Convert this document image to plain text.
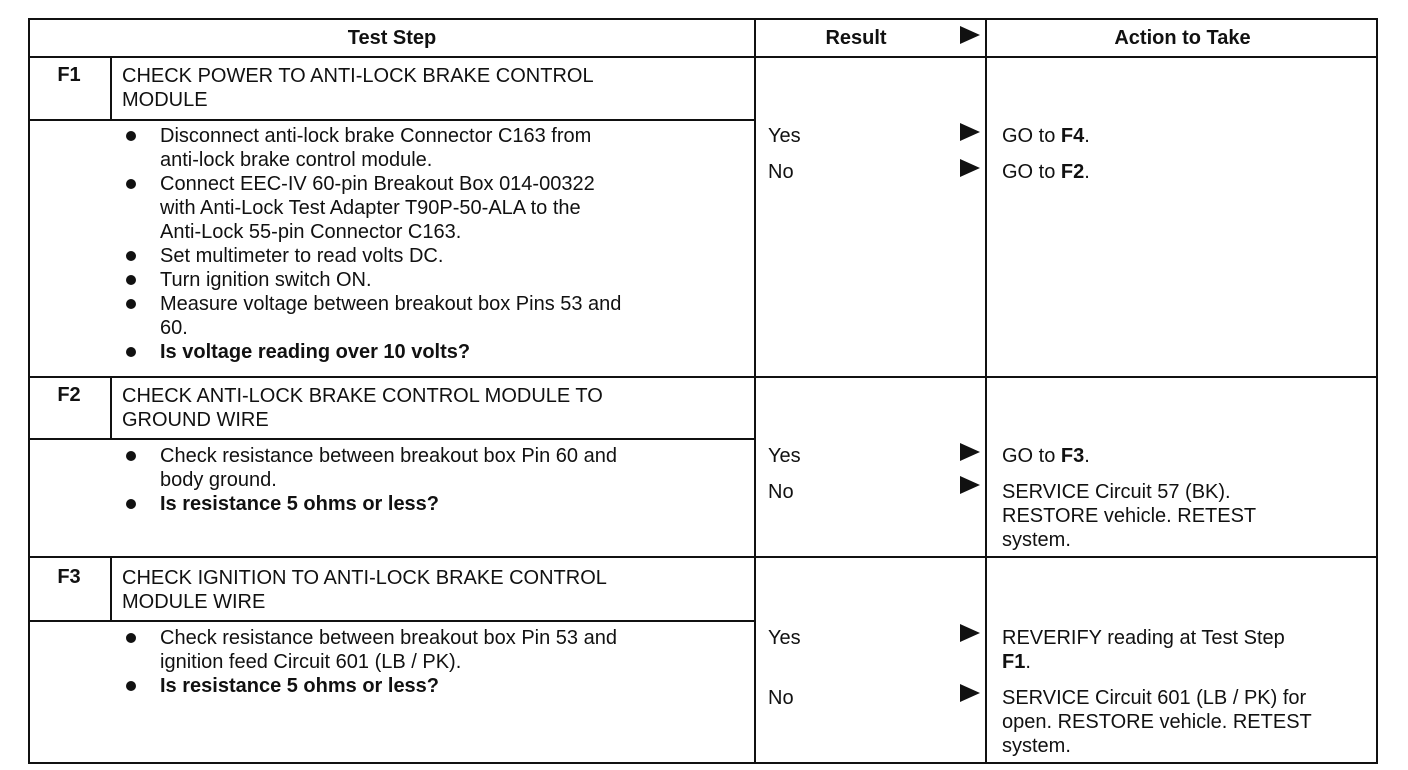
Test Step	Result	Action to Take
F1	CHECK POWER TO ANTI-LOCK BRAKE CONTROL
MODULE
Disconnect anti-lock brake Connector C163 from
anti-lock brake control module.
Connect EEC-IV 60-pin Breakout Box 014-00322
with Anti-Lock Test Adapter T90P-50-ALA to the
Anti-Lock 55-pin Connector C163.
Set multimeter to read volts DC.
Turn ignition switch ON.
Measure voltage between breakout box Pins 53 and
60.
Is voltage reading over 10 volts?
Yes	GO to F4.
No	GO to F2.
F2	CHECK ANTI-LOCK BRAKE CONTROL MODULE TO
GROUND WIRE
Check resistance between breakout box Pin 60 and
body ground.
Is resistance 5 ohms or less?
Yes	GO to F3.
No	SERVICE Circuit 57 (BK).
RESTORE vehicle. RETEST
system.
F3	CHECK IGNITION TO ANTI-LOCK BRAKE CONTROL
MODULE WIRE
Check resistance between breakout box Pin 53 and
ignition feed Circuit 601 (LB / PK).
Is resistance 5 ohms or less?
Yes	REVERIFY reading at Test Step
F1.
No	SERVICE Circuit 601 (LB / PK) for
open. RESTORE vehicle. RETEST
system.
